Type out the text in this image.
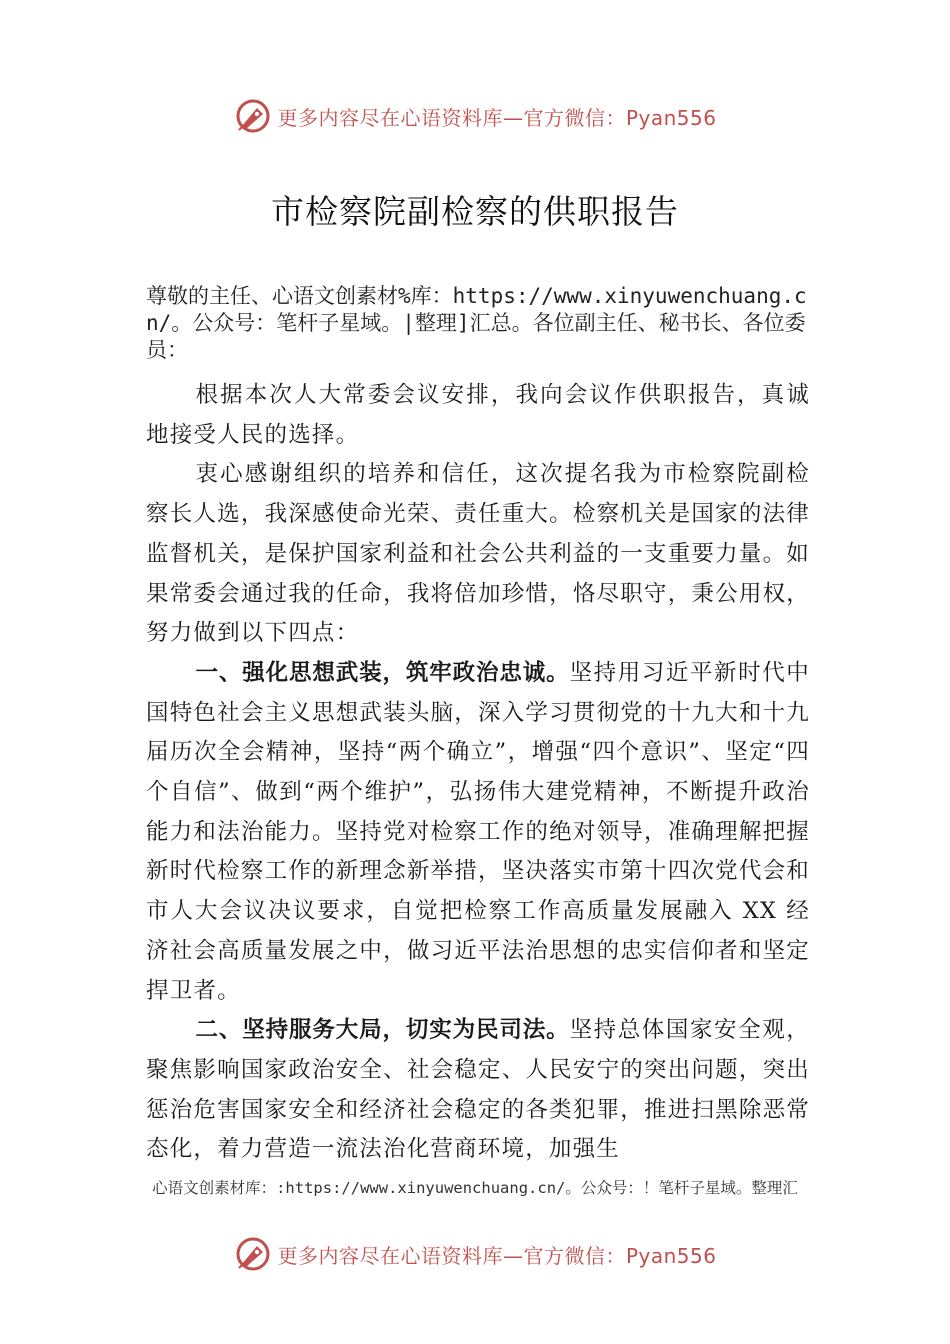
更多内容尽在心语资料库—官方微信：Pyan556
市检察院副检察的供职报告
尊敬的主任、心语文创素材%库：https://www.xinyuwenchuang.cn/。公众号：笔杆子星域。|整理]汇总。各位副主任、秘书长、各位委员：

根据本次人大常委会议安排，我向会议作供职报告，真诚地接受人民的选择。

衷心感谢组织的培养和信任，这次提名我为市检察院副检察长人选，我深感使命光荣、责任重大。检察机关是国家的法律监督机关，是保护国家利益和社会公共利益的一支重要力量。如果常委会通过我的任命，我将倍加珍惜，恪尽职守，秉公用权，努力做到以下四点：

一、强化思想武装，筑牢政治忠诚。坚持用习近平新时代中国特色社会主义思想武装头脑，深入学习贯彻党的十九大和十九届历次全会精神，坚持“两个确立”，增强“四个意识”、坚定“四个自信”、做到“两个维护”，弘扬伟大建党精神，不断提升政治能力和法治能力。坚持党对检察工作的绝对领导，准确理解把握新时代检察工作的新理念新举措，坚决落实市第十四次党代会和市人大会议决议要求，自觉把检察工作高质量发展融入 XX 经济社会高质量发展之中，做习近平法治思想的忠实信仰者和坚定捍卫者。

二、坚持服务大局，切实为民司法。坚持总体国家安全观，聚焦影响国家政治安全、社会稳定、人民安宁的突出问题，突出惩治危害国家安全和经济社会稳定的各类犯罪，推进扫黑除恶常态化，着力营造一流法治化营商环境，加强生

心语文创素材库：:https://www.xinyuwenchuang.cn/。公众号：！笔杆子星域。整理汇
更多内容尽在心语资料库—官方微信：Pyan556
